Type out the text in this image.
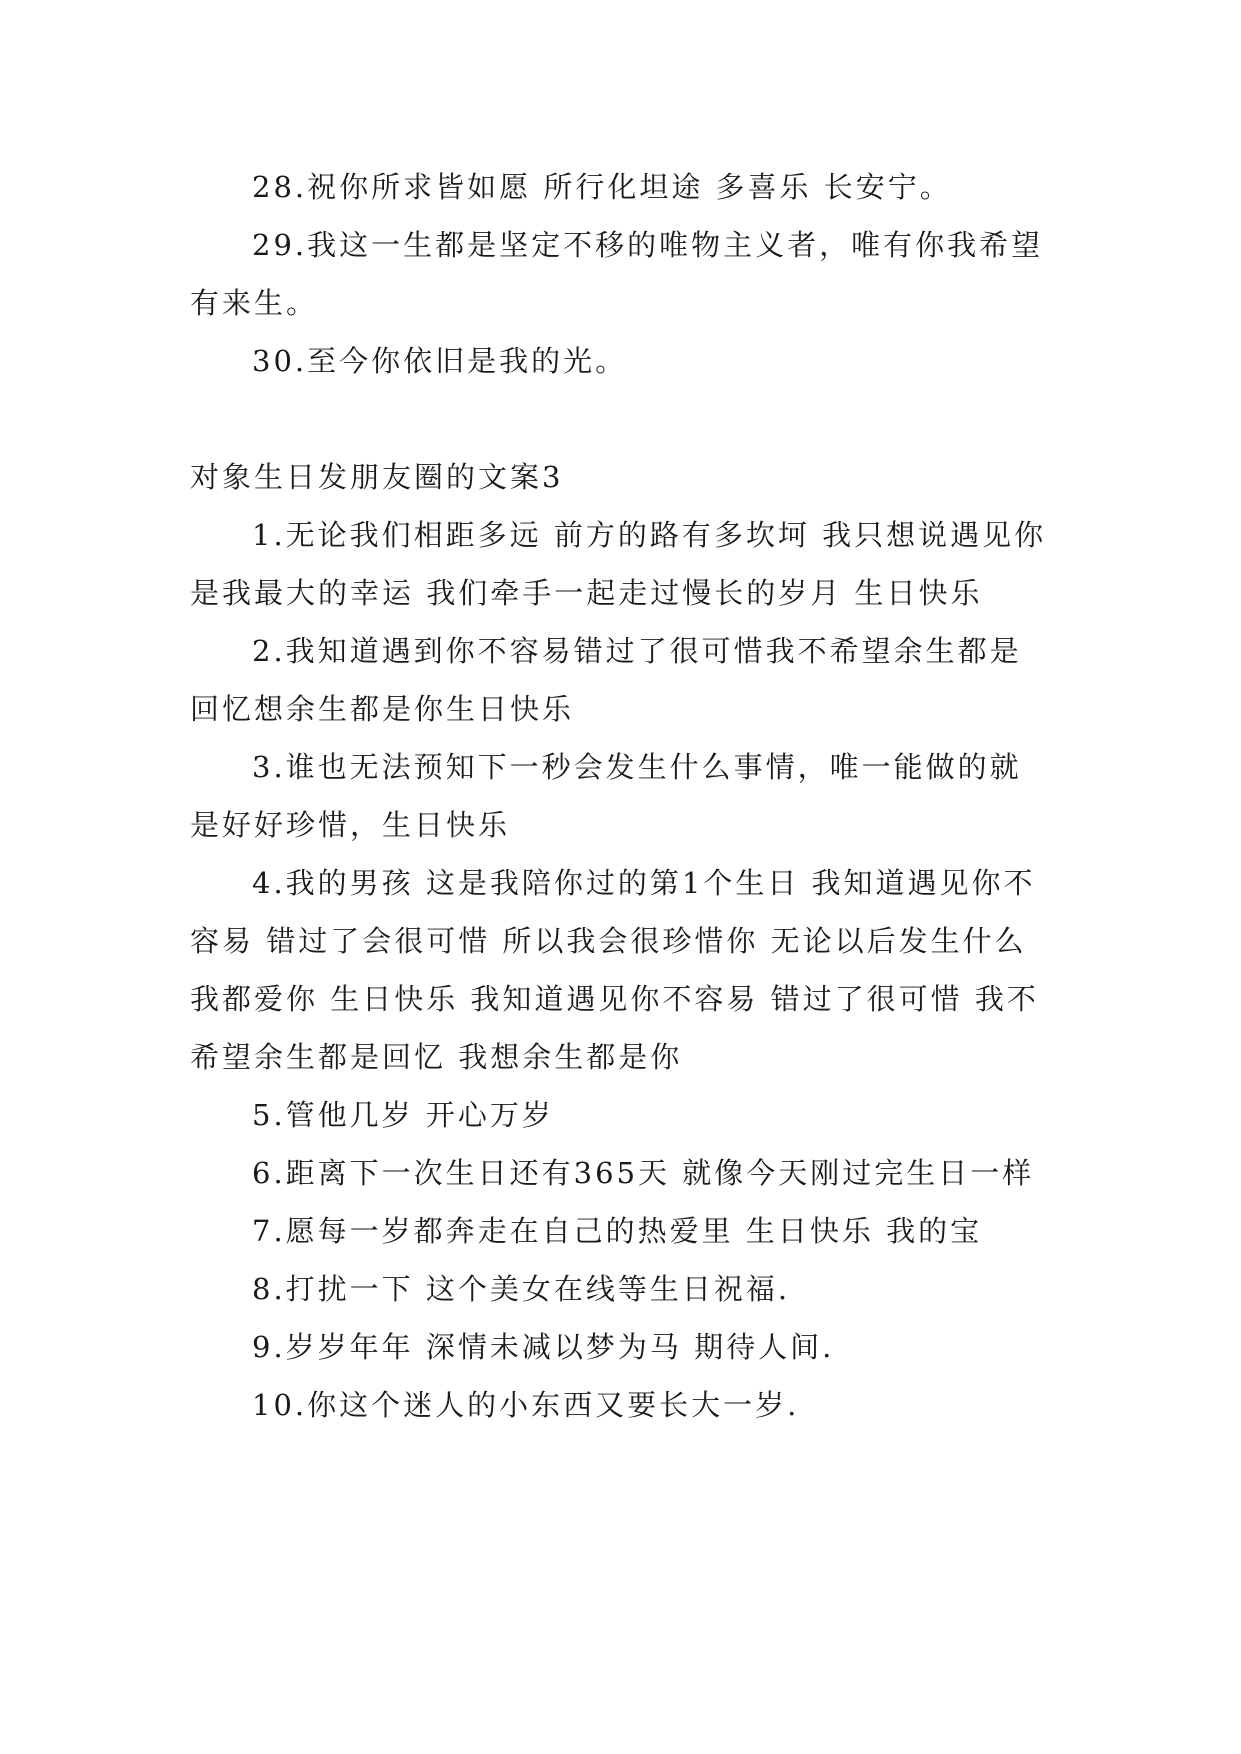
28.祝你所求皆如愿 所行化坦途 多喜乐 长安宁。

29.我这一生都是坚定不移的唯物主义者，唯有你我希望有来生。

30.至今你依旧是我的光。

对象生日发朋友圈的文案3

1.无论我们相距多远 前方的路有多坎坷 我只想说遇见你 是我最大的幸运 我们牵手一起走过慢长的岁月 生日快乐

2.我知道遇到你不容易错过了很可惜我不希望余生都是回忆想余生都是你生日快乐

3.谁也无法预知下一秒会发生什么事情，唯一能做的就是好好珍惜，生日快乐

4.我的男孩 这是我陪你过的第1个生日 我知道遇见你不容易 错过了会很可惜 所以我会很珍惜你 无论以后发生什么我都爱你 生日快乐 我知道遇见你不容易 错过了很可惜 我不希望余生都是回忆 我想余生都是你

5.管他几岁 开心万岁

6.距离下一次生日还有365天 就像今天刚过完生日一样

7.愿每一岁都奔走在自己的热爱里 生日快乐 我的宝

8.打扰一下 这个美女在线等生日祝福.

9.岁岁年年 深情未减以梦为马 期待人间.

10.你这个迷人的小东西又要长大一岁.
